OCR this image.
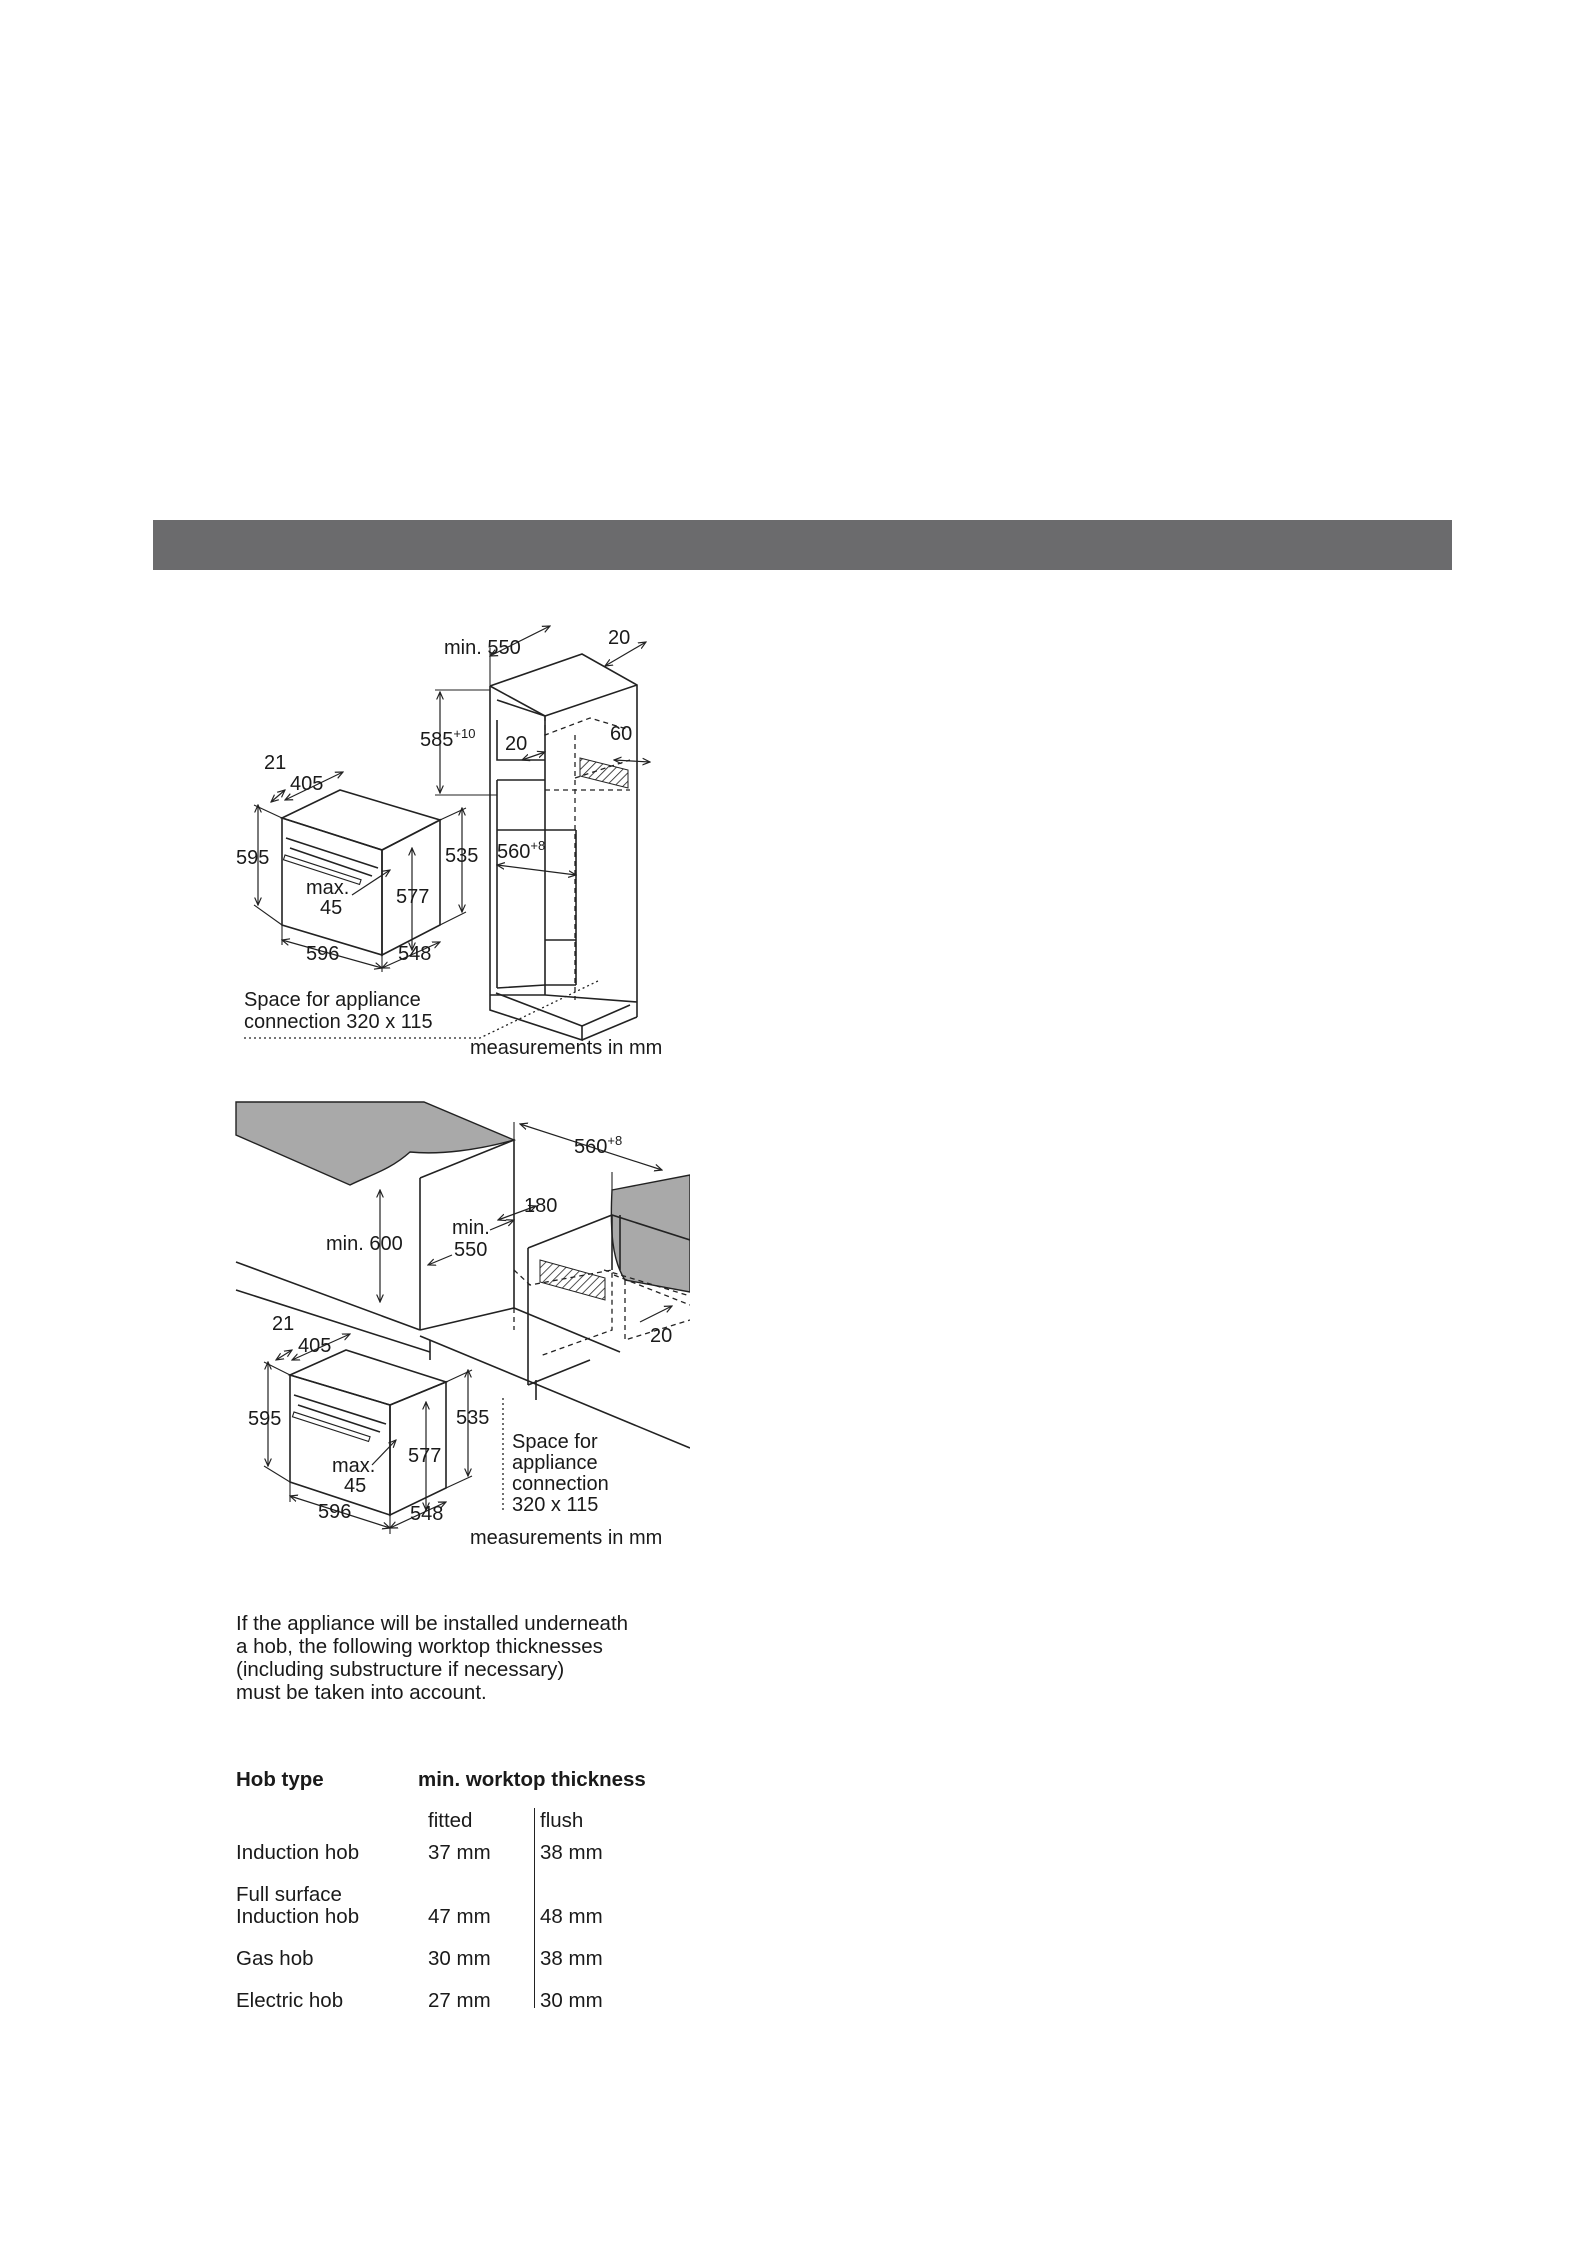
min. 550	20
$585^{+10}$ 20	60
$560^{+8}$
21
405
595
max.
45	577
535
596	548
Space for appliance
connection 320 x 115
measurements in mm
$560^{+8}$
180
min.
550
min. 600
20
21
405
595
max.
45
577
535
596	548
Space for
appliance
connection
320 x 115
measurements in mm

If the appliance will be installed underneath
a hob, the following worktop thicknesses
(including substructure if necessary)
must be taken into account.

Hob type	min. worktop thickness
fitted	flush
Induction hob	37 mm 38 mm
Full surface
Induction hob	47 mm 48 mm
Gas hob	30 mm 38 mm
Electric hob	27 mm 30 mm
